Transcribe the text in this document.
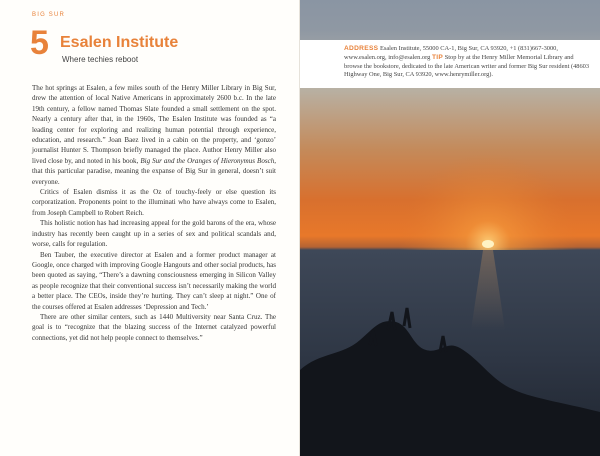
BIG SUR
5 Esalen Institute
Where techies reboot

The hot springs at Esalen, a few miles south of the Henry Miller Library in Big Sur, drew the attention of local Native Americans in approximately 2600 b.c. In the late 19th century, a fellow named Thomas Slate founded a small settlement on the spot. Nearly a century after that, in the 1960s, The Esalen Institute was founded as “a leading center for exploring and realizing human potential through experience, education, and research.” Joan Baez lived in a cabin on the property, and ‘gonzo’ journalist Hunter S. Thompson briefly managed the place. Author Henry Miller also lived close by, and noted in his book, Big Sur and the Oranges of Hieronymus Bosch, that this particular paradise, meaning the expanse of Big Sur in general, doesn’t suit everyone.

Critics of Esalen dismiss it as the Oz of touchy-feely or else question its corporatization. Proponents point to the illuminati who have always come to Esalen, from Joseph Campbell to Robert Reich.

This holistic notion has had increasing appeal for the gold barons of the era, whose industry has recently been caught up in a series of sex and political scandals and, worse, calls for regulation.

Ben Tauber, the executive director at Esalen and a former product manager at Google, once charged with improving Google Hangouts and other social products, has been quoted as saying, “There’s a dawning consciousness emerging in Silicon Valley as people recognize that their conventional success isn’t necessarily making the world a better place. The CEOs, inside they’re hurting. They can’t sleep at night.” One of the courses offered at Esalen addresses ‘Depression and Tech.’

There are other similar centers, such as 1440 Multiversity near Santa Cruz. The goal is to “recognize that the blazing success of the Internet catalyzed powerful connections, yet did not help people connect to themselves.”

ADDRESS Esalen Institute, 55000 CA-1, Big Sur, CA 93920, +1 (831)667-3000, www.esalen.org, info@esalen.org TIP Stop by at the Henry Miller Memorial Library and browse the bookstore, dedicated to the late American writer and former Big Sur resident (48603 Highway One, Big Sur, CA 93920, www.henrymiller.org).
